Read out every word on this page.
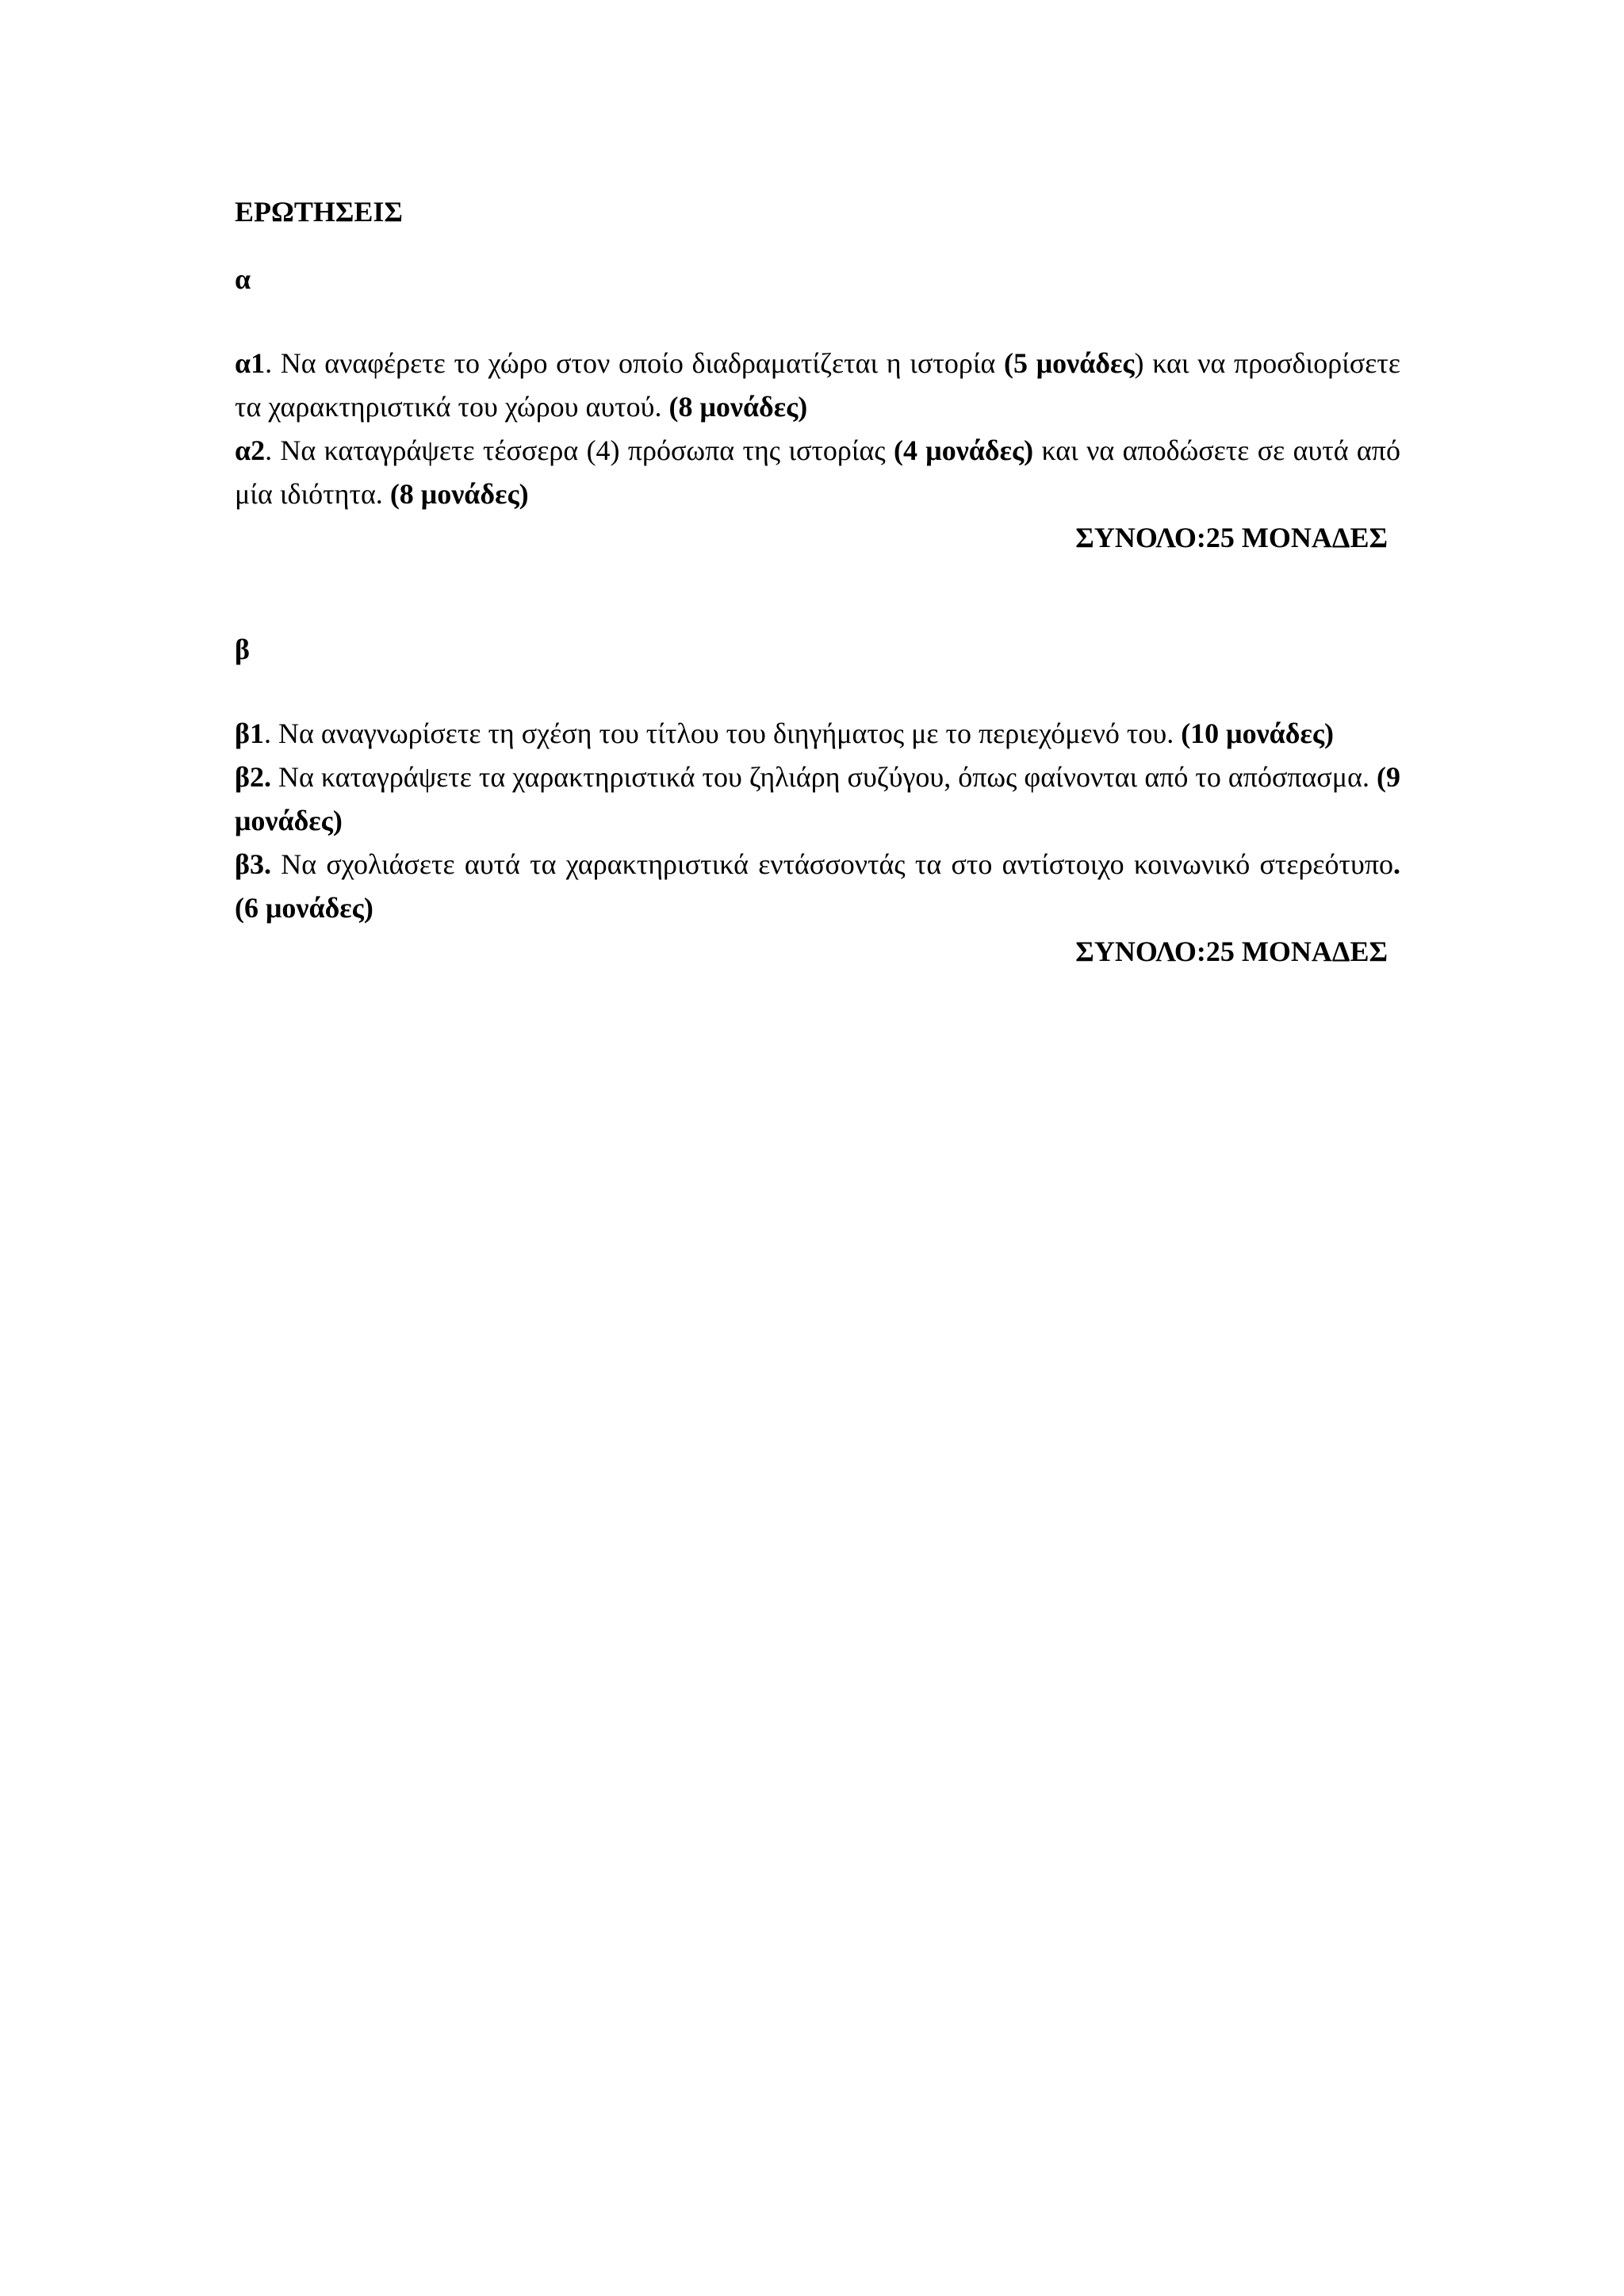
ΕΡΩΤΗΣΕΙΣ
α

α1. Να αναφέρετε το χώρο στον οποίο διαδραματίζεται η ιστορία (5 μονάδες) και να προσδιορίσετε τα χαρακτηριστικά του χώρου αυτού. (8 μονάδες)

α2. Να καταγράψετε τέσσερα (4) πρόσωπα της ιστορίας (4 μονάδες) και να αποδώσετε σε αυτά από μία ιδιότητα. (8 μονάδες)

ΣΥΝΟΛΟ:25 ΜΟΝΑΔΕΣ
β

β1. Να αναγνωρίσετε τη σχέση του τίτλου του διηγήματος με το περιεχόμενό του. (10 μονάδες)

β2. Να καταγράψετε τα χαρακτηριστικά του ζηλιάρη συζύγου, όπως φαίνονται από το απόσπασμα. (9 μονάδες)

β3. Να σχολιάσετε αυτά τα χαρακτηριστικά εντάσσοντάς τα στο αντίστοιχο κοινωνικό στερεότυπο. (6 μονάδες)

ΣΥΝΟΛΟ:25 ΜΟΝΑΔΕΣ
